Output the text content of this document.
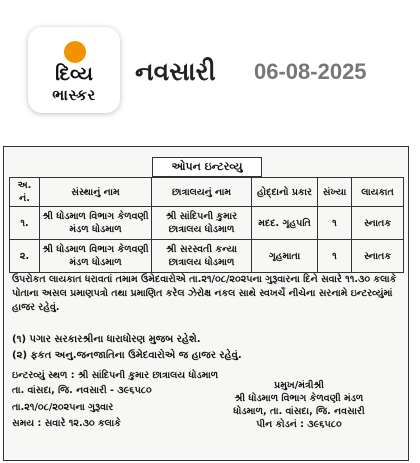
દિવ્ય
ભાસ્કર
નવસારી 06-08-2025
ઓપન ઇન્ટરવ્યુ
અ. નં.	સંસ્થાનું નામ	છાત્રાલયનું નામ	હોદ્દાનો પ્રકાર	સંખ્યા	લાયકાત
૧.	શ્રી ધોડમાળ વિભાગ કેળવણી મંડળ ધોડમાળ	શ્રી સાંદિપની કુમાર છાત્રાલય ધોડમાળ	મદદ. ગૃહપતિ	૧	સ્નાતક
૨.	શ્રી ધોડમાળ વિભાગ કેળવણી મંડળ ધોડમાળ	શ્રી સરસ્વતી કન્યા છાત્રાલય ધોડમાળ	ગૃહમાતા	૧	સ્નાતક

ઉપરોકત લાયકાત ધરાવતાં તમામ ઉમેદવારોએ તા.૨૧/૦૮/૨૦૨૫ના ગુરૂવારના દિને સવારે ૧૧.૩૦ કલાકે પોતાના અસલ પ્રમાણપત્રો તથા પ્રમાણિત કરેલ ઝેરોક્ષ નકલ સાથે સ્વખર્ચે નીચેના સરનામે ઇન્ટરવ્યુંમાં હાજર રહેવું.

(૧) પગાર સરકારશ્રીના ધારાધોરણ મુજબ રહેશે.
(૨) ફકત અનુ.જનજાતિના ઉમેદવારોએ જ હાજર રહેવું.
ઇન્ટરવ્યું સ્થળ : શ્રી સાંદિપની કુમાર છાત્રાલય ધોડમાળ
તા. વાંસદા, જિ. નવસારી - ૩૯૬૫૮૦
તા.૨૧/૦૮/૨૦૨૫ના ગુરૂવાર
સમય : સવારે ૧૨.૩૦ કલાકે
પ્રમુખ/મંત્રીશ્રી
શ્રી ધોડમાળ વિભાગ કેળવણી મંડળ
ધોડમાળ, તા. વાંસદા, જિ. નવસારી
પીન કોડનં : ૩૯૬૫૮૦
